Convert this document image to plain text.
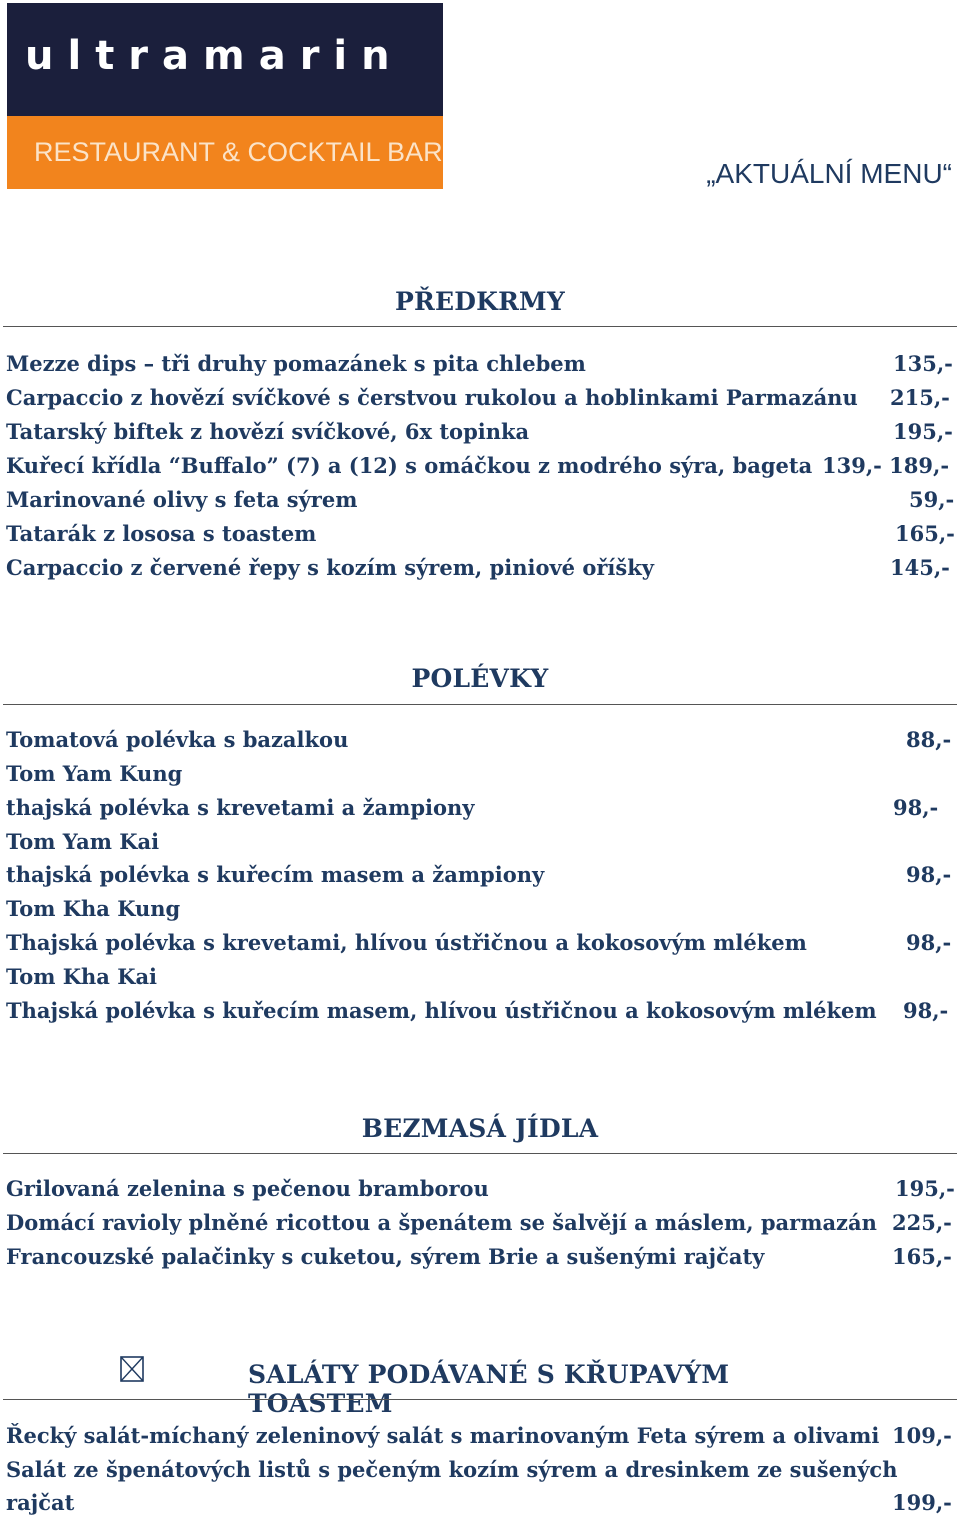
ultramarin
RESTAURANT & COCKTAIL BAR
„AKTUÁLNÍ MENU“
PŘEDKRMY
Mezze dips – tři druhy pomazánek s pita chlebem	135,-
Carpaccio z hovězí svíčkové s čerstvou rukolou a hoblinkami Parmazánu 215,-
Tatarský biftek z hovězí svíčkové, 6x topinka	195,-
Kuřecí křídla “Buffalo” (7) a (12) s omáčkou z modrého sýra, bageta 139,- 189,-
Marinované olivy s feta sýrem	59,-
Tatarák z lososa s toastem	165,-
Carpaccio z červené řepy s kozím sýrem, piniové oříšky	145,-
POLÉVKY
Tomatová polévka s bazalkou	88,-
Tom Yam Kung
thajská polévka s krevetami a žampiony	98,-
Tom Yam Kai
thajská polévka s kuřecím masem a žampiony	98,-
Tom Kha Kung
Thajská polévka s krevetami, hlívou ústřičnou a kokosovým mlékem	98,-
Tom Kha Kai
Thajská polévka s kuřecím masem, hlívou ústřičnou a kokosovým mlékem 98,-
BEZMASÁ JÍDLA
Grilovaná zelenina s pečenou bramborou	195,-
Domácí ravioly plněné ricottou a špenátem se šalvějí a máslem, parmazán 225,-
Francouzské palačinky s cuketou, sýrem Brie a sušenými rajčaty	165,-
SALÁTY PODÁVANÉ S KŘUPAVÝM TOASTEM
Řecký salát-míchaný zeleninový salát s marinovaným Feta sýrem a olivami 109,-
Salát ze špenátových listů s pečeným kozím sýrem a dresinkem ze sušených
rajčat	199,-
